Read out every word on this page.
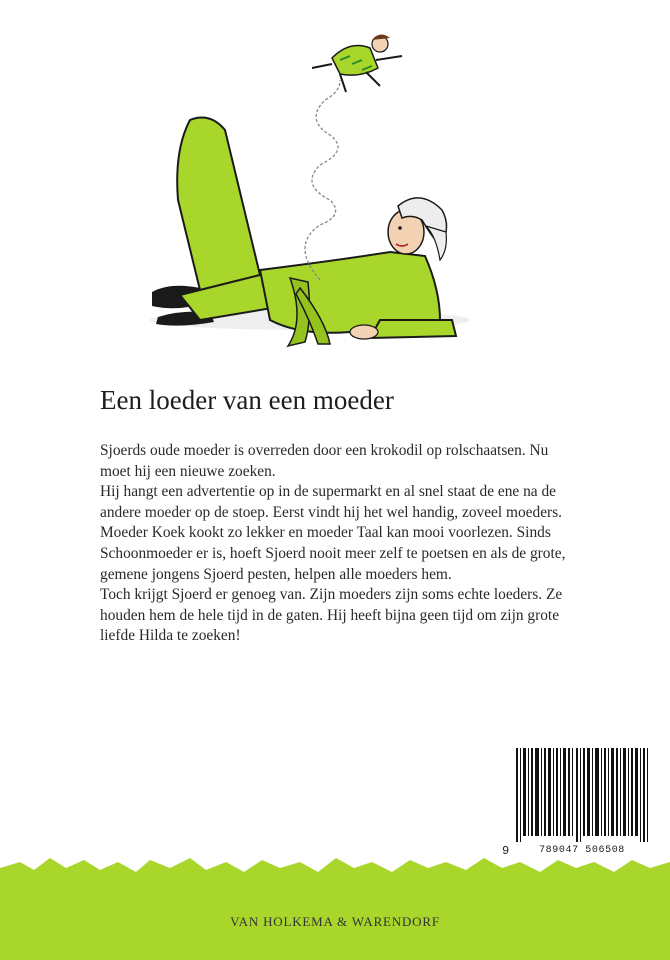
Een loeder van een moeder

Sjoerds oude moeder is overreden door een krokodil op rolschaatsen. Nu moet hij een nieuwe zoeken.

Hij hangt een advertentie op in de supermarkt en al snel staat de ene na de andere moeder op de stoep. Eerst vindt hij het wel handig, zoveel moeders. Moeder Koek kookt zo lekker en moeder Taal kan mooi voorlezen. Sinds Schoonmoeder er is, hoeft Sjoerd nooit meer zelf te poetsen en als de grote, gemene jongens Sjoerd pesten, helpen alle moeders hem.

Toch krijgt Sjoerd er genoeg van. Zijn moeders zijn soms echte loeders. Ze houden hem de hele tijd in de gaten. Hij heeft bijna geen tijd om zijn grote liefde Hilda te zoeken!

9	789047 506508
VAN HOLKEMA & WARENDORF
